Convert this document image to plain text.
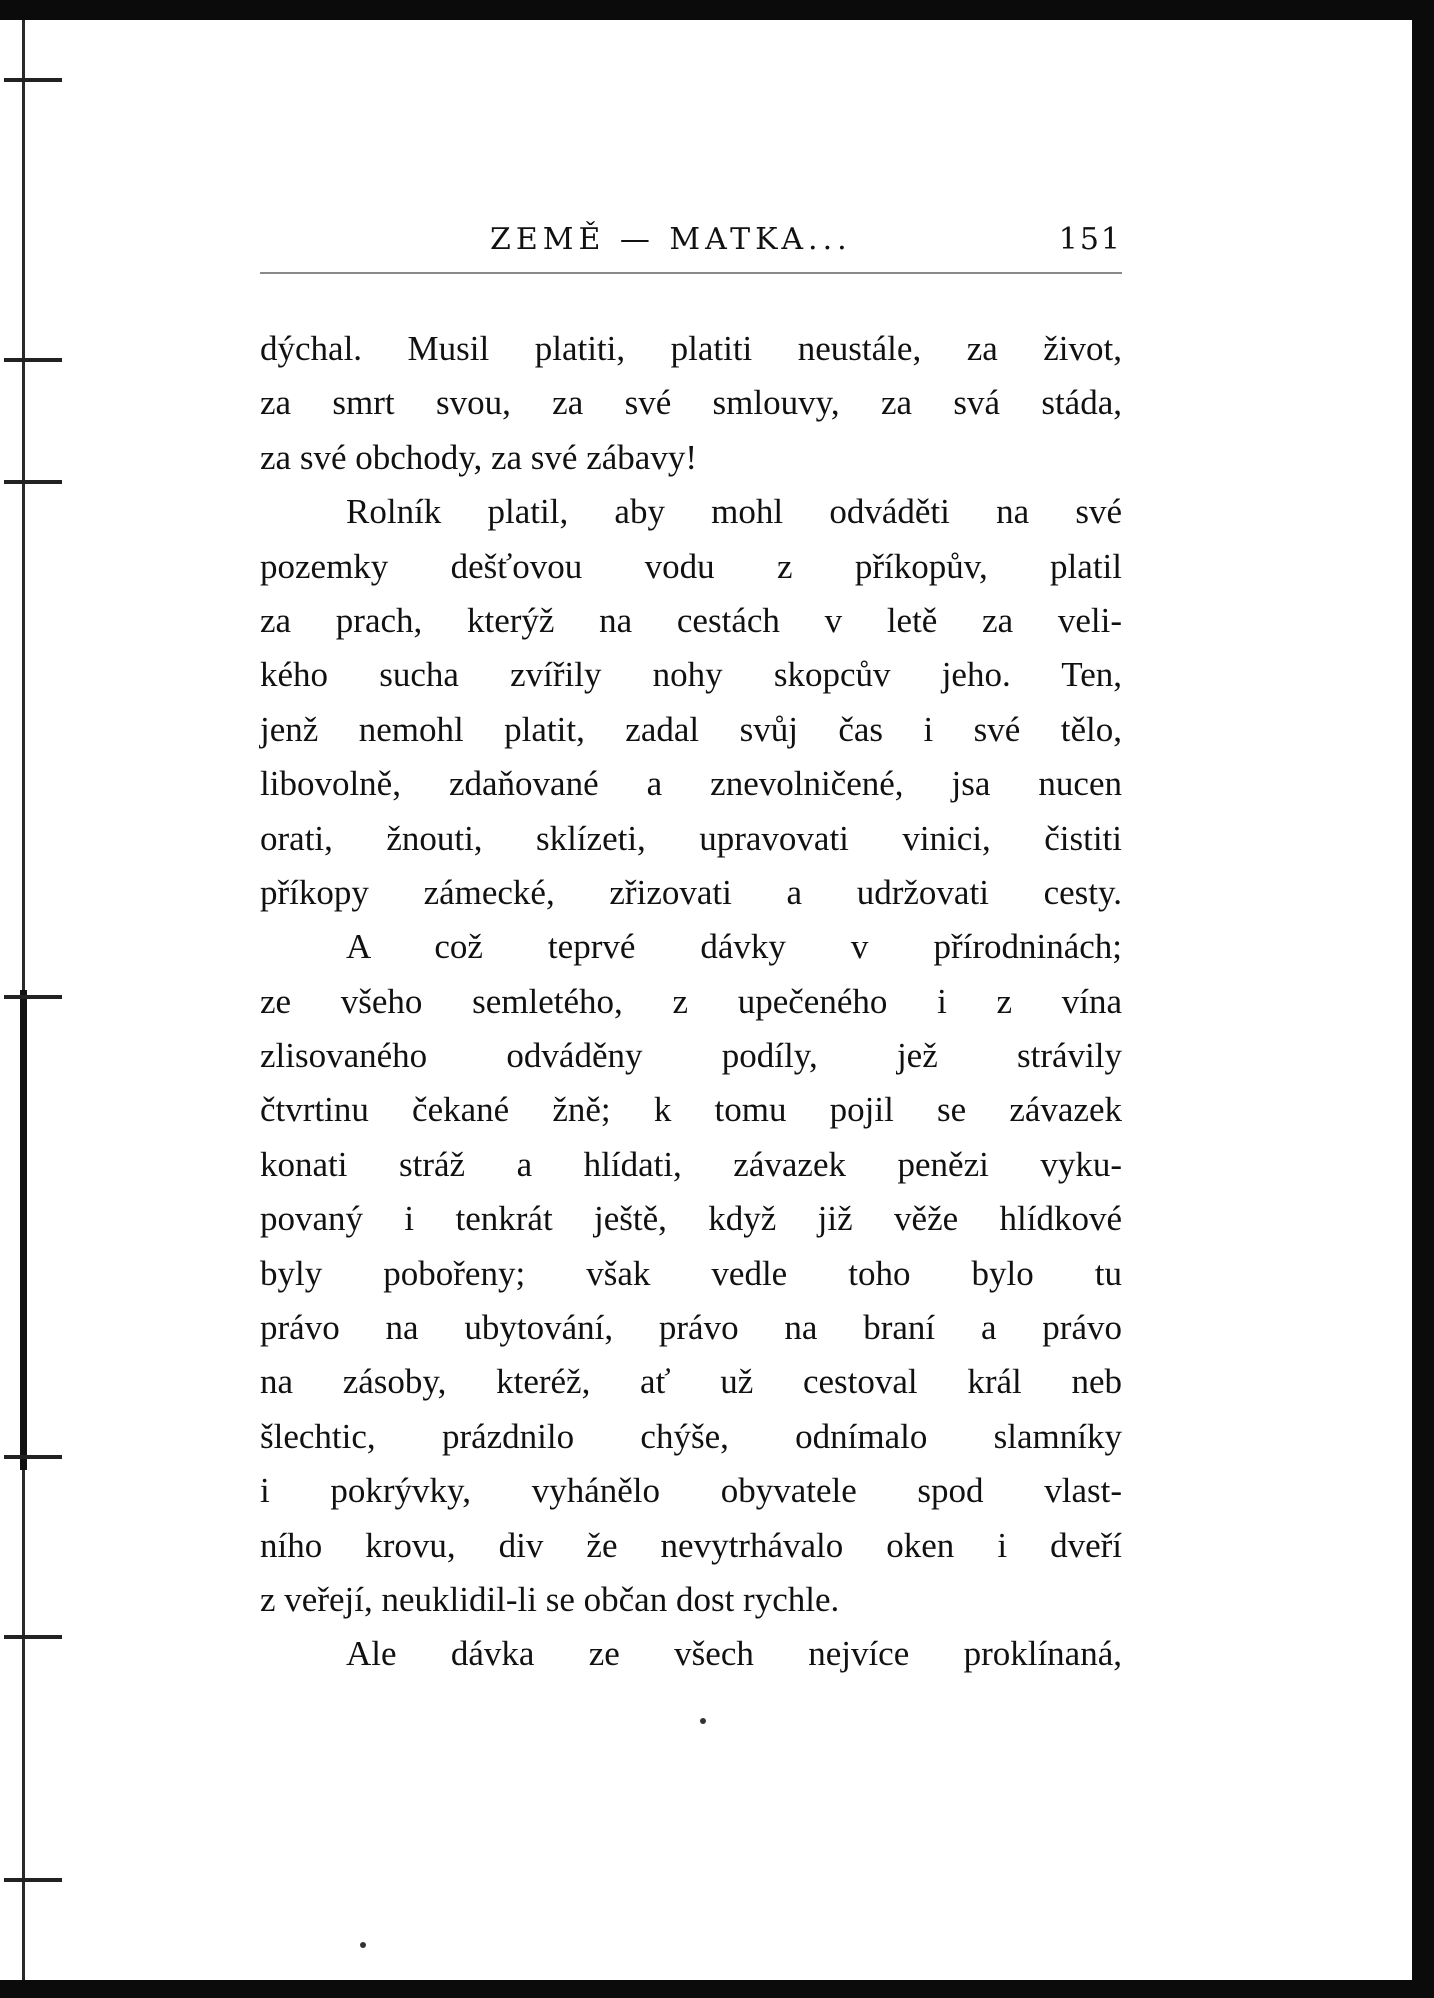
ZEMĚ — MATKA...	151
dýchal. Musil platiti, platiti neustále, za život,
za smrt svou, za své smlouvy, za svá stáda,
za své obchody, za své zábavy!
Rolník platil, aby mohl odváděti na své
pozemky dešťovou vodu z příkopův, platil
za prach, kterýž na cestách v letě za veli-
kého sucha zvířily nohy skopcův jeho. Ten,
jenž nemohl platit, zadal svůj čas i své tělo,
libovolně, zdaňované a znevolničené, jsa nucen
orati, žnouti, sklízeti, upravovati vinici, čistiti
příkopy zámecké, zřizovati a udržovati cesty.
A což teprvé dávky v přírodninách;
ze všeho semletého, z upečeného i z vína
zlisovaného odváděny podíly, jež strávily
čtvrtinu čekané žně; k tomu pojil se závazek
konati stráž a hlídati, závazek penězi vyku-
povaný i tenkrát ještě, když již věže hlídkové
byly pobořeny; však vedle toho bylo tu
právo na ubytování, právo na braní a právo
na zásoby, kteréž, ať už cestoval král neb
šlechtic, prázdnilo chýše, odnímalo slamníky
i pokrývky, vyhánělo obyvatele spod vlast-
ního krovu, div že nevytrhávalo oken i dveří
z veřejí, neuklidil-li se občan dost rychle.
Ale dávka ze všech nejvíce proklínaná,
